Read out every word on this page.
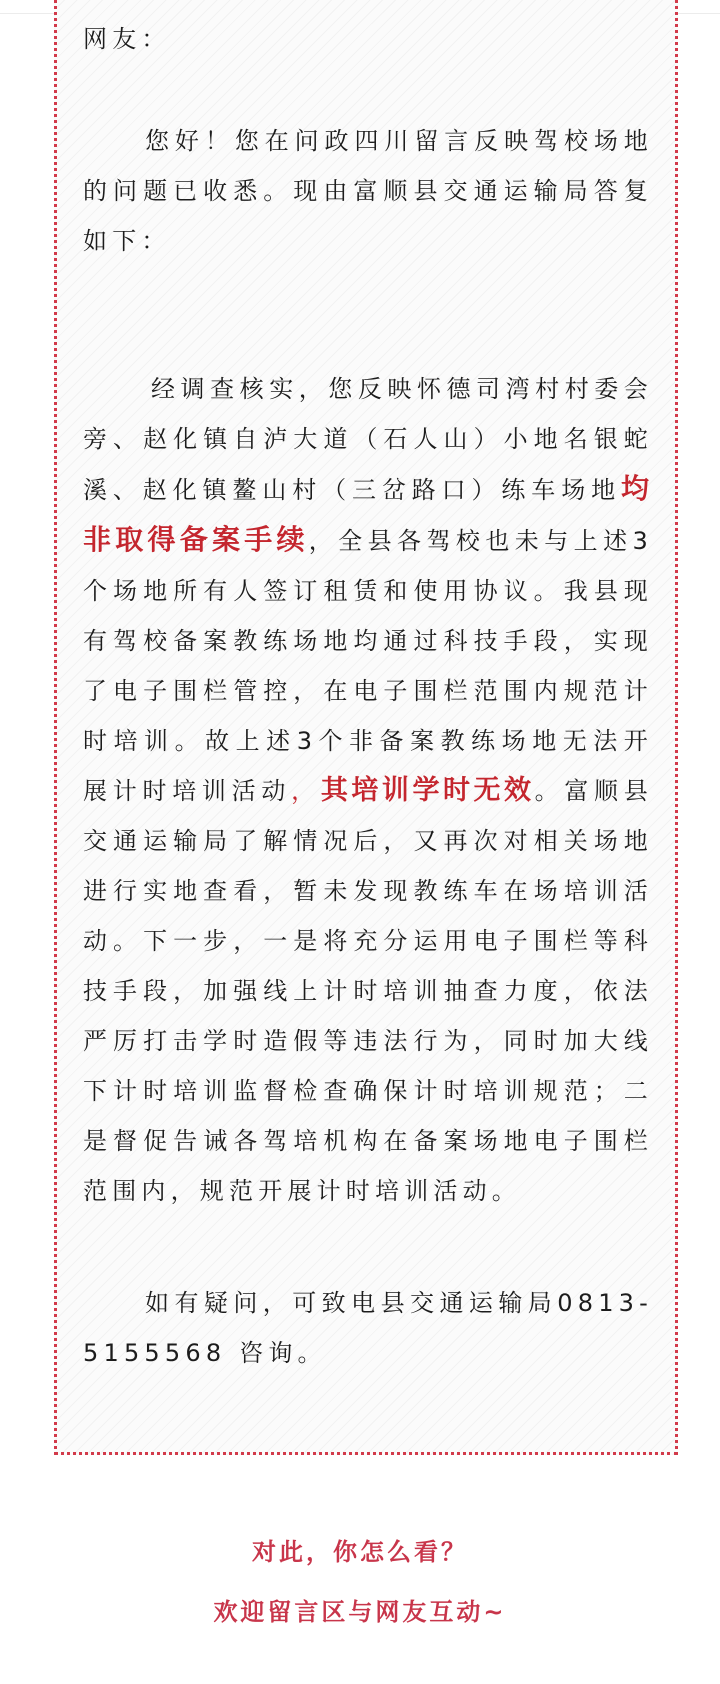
网友：

您好！您在问政四川留言反映驾校场地的问题已收悉。现由富顺县交通运输局答复如下：

经调查核实，您反映怀德司湾村村委会旁、赵化镇自泸大道（石人山）小地名银蛇溪、赵化镇鳌山村（三岔路口）练车场地均非取得备案手续，全县各驾校也未与上述3个场地所有人签订租赁和使用协议。我县现有驾校备案教练场地均通过科技手段，实现了电子围栏管控，在电子围栏范围内规范计时培训。故上述3个非备案教练场地无法开展计时培训活动，其培训学时无效。富顺县交通运输局了解情况后，又再次对相关场地进行实地查看，暂未发现教练车在场培训活动。下一步，一是将充分运用电子围栏等科技手段，加强线上计时培训抽查力度，依法严厉打击学时造假等违法行为，同时加大线下计时培训监督检查确保计时培训规范；二是督促告诫各驾培机构在备案场地电子围栏范围内，规范开展计时培训活动。

如有疑问，可致电县交通运输局0813-5155568 咨询。

对此，你怎么看？

欢迎留言区与网友互动~
